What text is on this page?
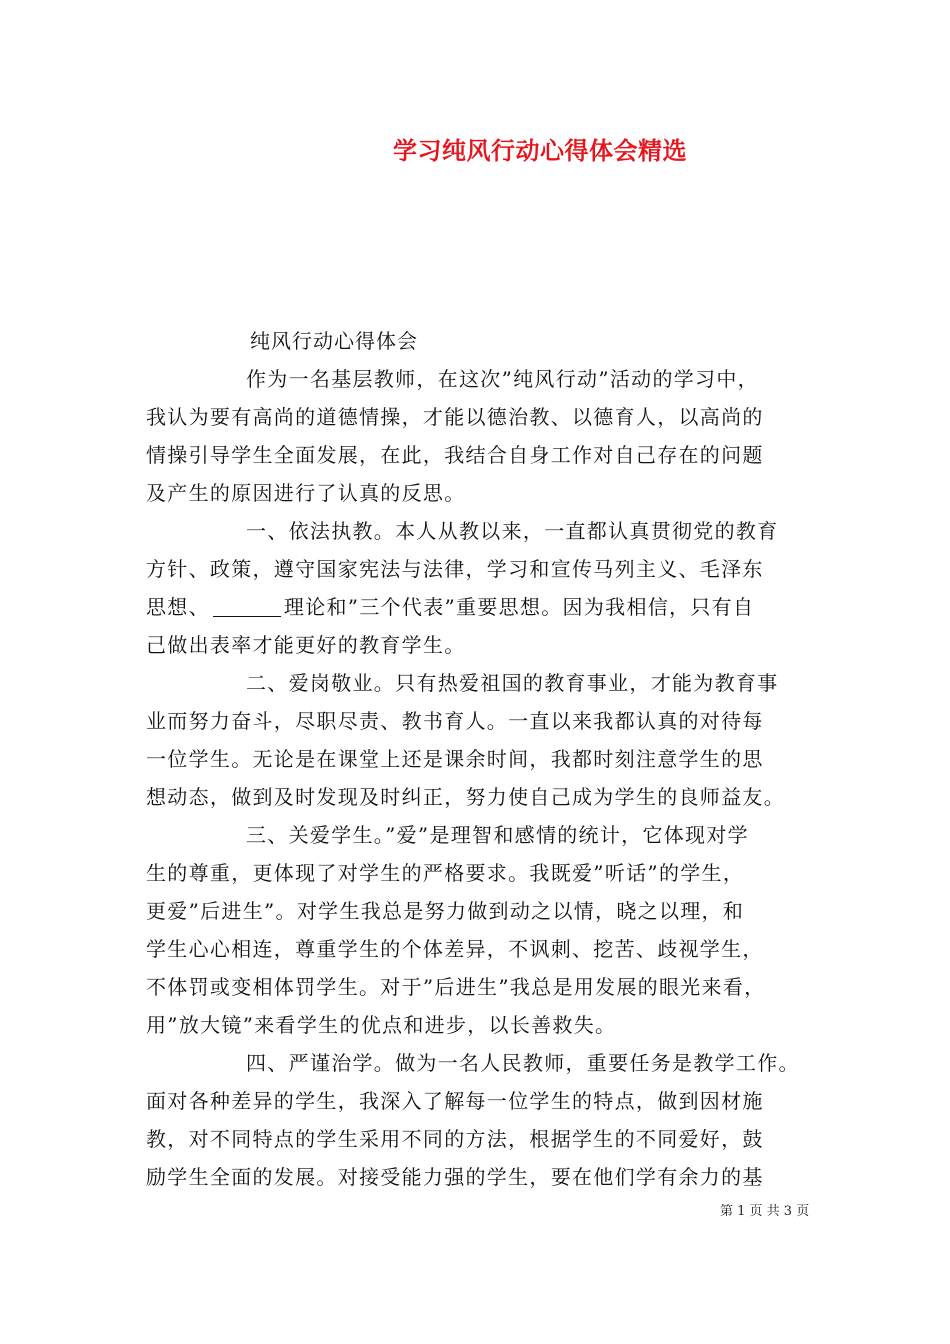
学习纯风行动心得体会精选
纯风行动心得体会
作为一名基层教师，在这次”纯风行动”活动的学习中，
我认为要有高尚的道德情操，才能以德治教、以德育人，以高尚的
情操引导学生全面发展，在此，我结合自身工作对自己存在的问题
及产生的原因进行了认真的反思。
一、依法执教。本人从教以来，一直都认真贯彻党的教育
方针、政策，遵守国家宪法与法律，学习和宣传马列主义、毛泽东
思想、	理论和”三个代表”重要思想。因为我相信，只有自
己做出表率才能更好的教育学生。
二、爱岗敬业。只有热爱祖国的教育事业，才能为教育事
业而努力奋斗，尽职尽责、教书育人。一直以来我都认真的对待每
一位学生。无论是在课堂上还是课余时间，我都时刻注意学生的思
想动态，做到及时发现及时纠正，努力使自己成为学生的良师益友。
三、关爱学生。”爱”是理智和感情的统计，它体现对学
生的尊重，更体现了对学生的严格要求。我既爱”听话”的学生，
更爱”后进生”。对学生我总是努力做到动之以情，晓之以理，和
学生心心相连，尊重学生的个体差异，不讽刺、挖苦、歧视学生，
不体罚或变相体罚学生。对于”后进生”我总是用发展的眼光来看，
用”放大镜”来看学生的优点和进步，以长善救失。
四、严谨治学。做为一名人民教师，重要任务是教学工作。
面对各种差异的学生，我深入了解每一位学生的特点，做到因材施
教，对不同特点的学生采用不同的方法，根据学生的不同爱好，鼓
励学生全面的发展。对接受能力强的学生，要在他们学有余力的基
第 1 页 共 3 页
